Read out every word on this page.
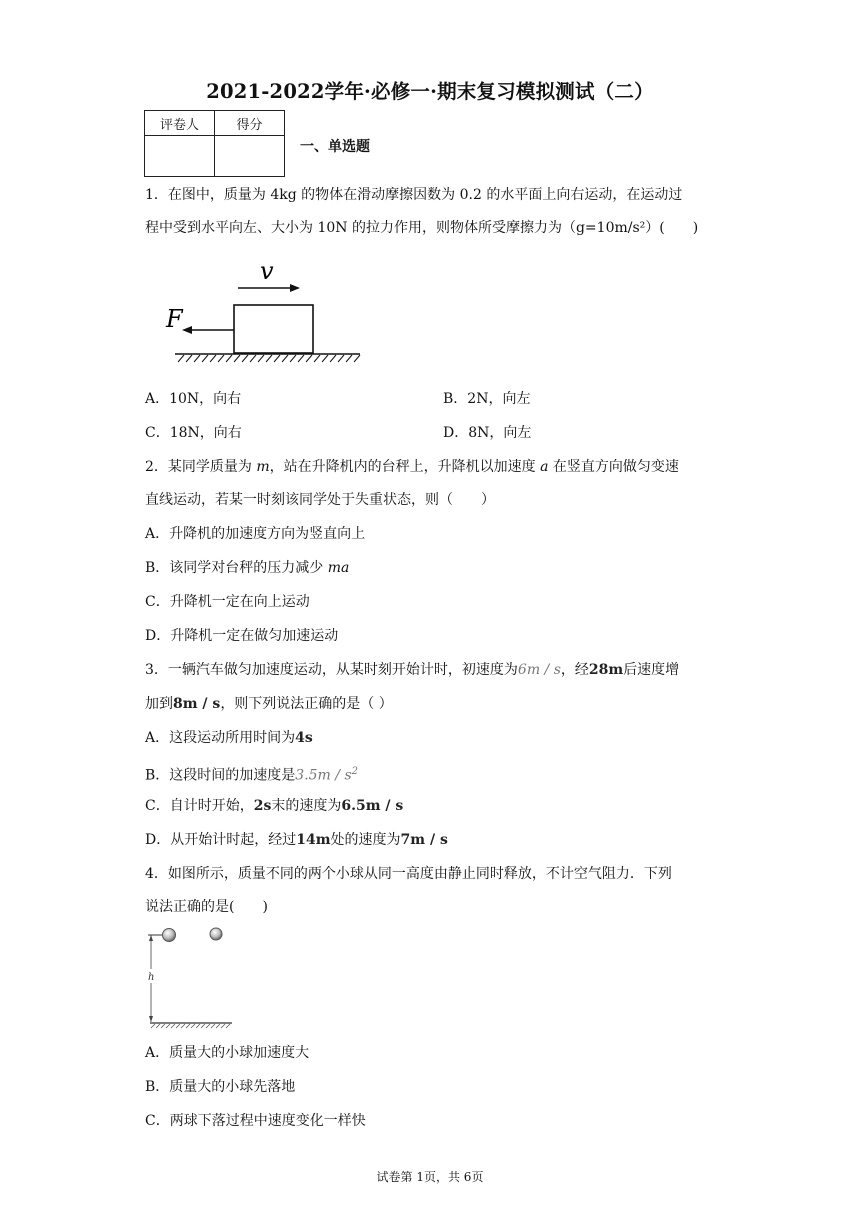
2021-2022学年·必修一·期末复习模拟测试（二）
评卷人	得分

一、单选题
1．在图中，质量为 4kg 的物体在滑动摩擦因数为 0.2 的水平面上向右运动，在运动过
程中受到水平向左、大小为 10N 的拉力作用，则物体所受摩擦力为（g=10m/s²）(　　)
v
F
A．10N，向右	B．2N，向左
C．18N，向右	D．8N，向左
2．某同学质量为 m，站在升降机内的台秤上，升降机以加速度 a 在竖直方向做匀变速
直线运动，若某一时刻该同学处于失重状态，则（　　）
A．升降机的加速度方向为竖直向上
B．该同学对台秤的压力减少 ma
C．升降机一定在向上运动
D．升降机一定在做匀加速运动
3．一辆汽车做匀加速度运动，从某时刻开始计时，初速度为6m / s，经28m后速度增
加到8m / s，则下列说法正确的是（ ）
A．这段运动所用时间为4s
B．这段时间的加速度是$3.5m / s^2$
C．自计时开始，2s末的速度为6.5m / s
D．从开始计时起，经过14m处的速度为7m / s
4．如图所示，质量不同的两个小球从同一高度由静止同时释放，不计空气阻力．下列
说法正确的是(　　)
h
A．质量大的小球加速度大
B．质量大的小球先落地
C．两球下落过程中速度变化一样快
试卷第 1页，共 6页
